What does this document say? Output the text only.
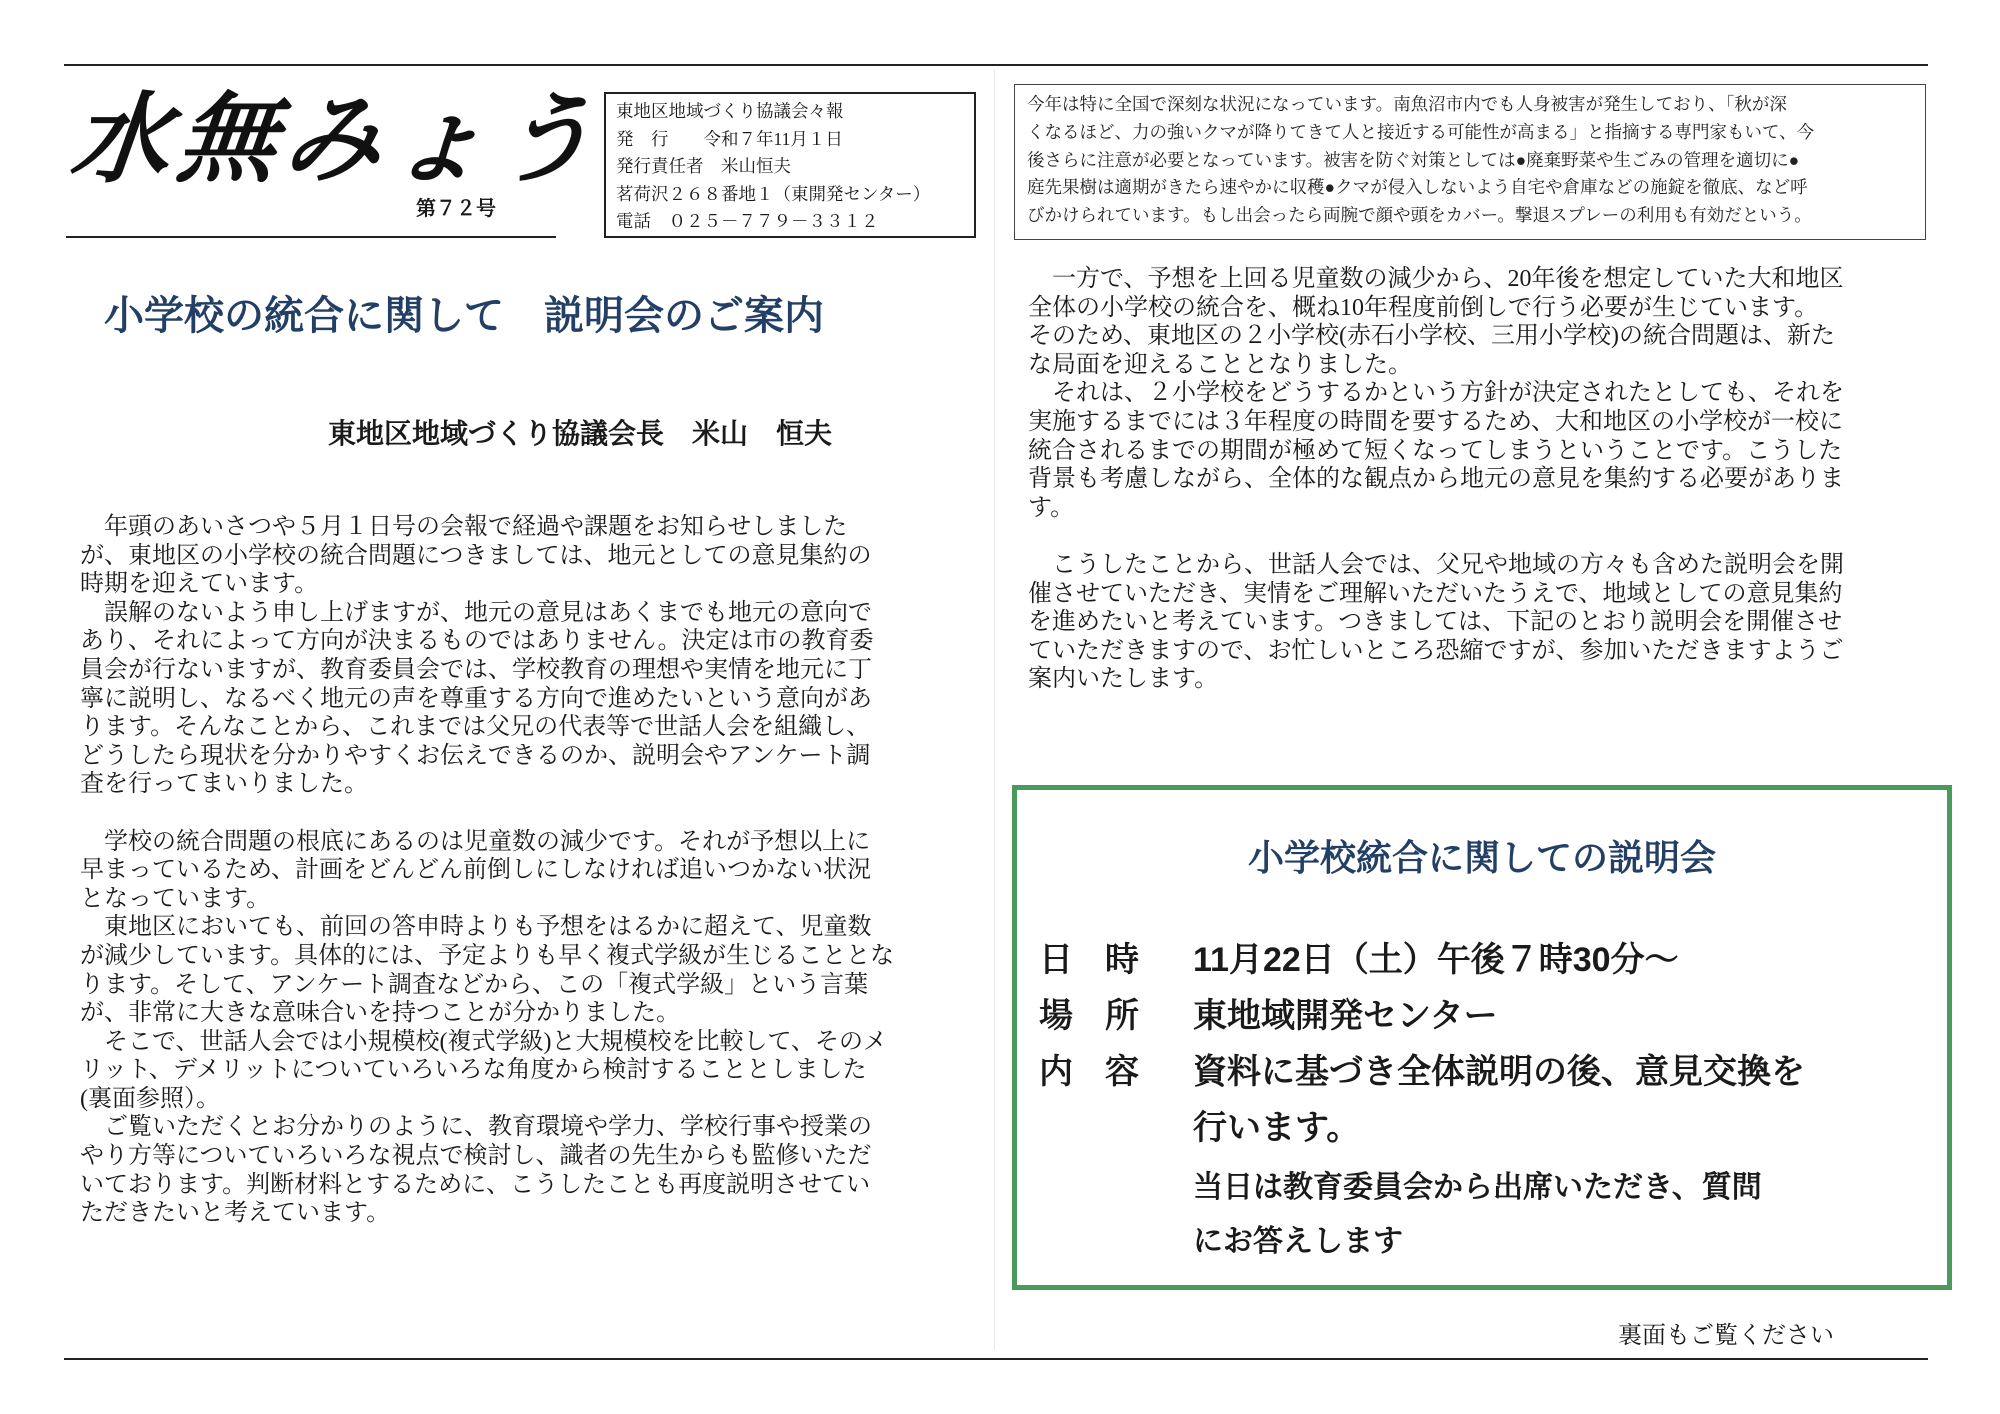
水無みょう
第７２号
東地区地域づくり協議会々報
発　行　　令和７年11月１日
発行責任者　米山恒夫
茗荷沢２６８番地１（東開発センター）
電話　０２５－７７９－３３１２
今年は特に全国で深刻な状況になっています。南魚沼市内でも人身被害が発生しており、「秋が深
くなるほど、力の強いクマが降りてきて人と接近する可能性が高まる」と指摘する専門家もいて、今
後さらに注意が必要となっています。被害を防ぐ対策としては●廃棄野菜や生ごみの管理を適切に●
庭先果樹は適期がきたら速やかに収穫●クマが侵入しないよう自宅や倉庫などの施錠を徹底、など呼
びかけられています。もし出会ったら両腕で顔や頭をカバー。撃退スプレーの利用も有効だという。
小学校の統合に関して　説明会のご案内
東地区地域づくり協議会長　米山　恒夫
　年頭のあいさつや５月１日号の会報で経過や課題をお知らせしました
が、東地区の小学校の統合問題につきましては、地元としての意見集約の
時期を迎えています。
　誤解のないよう申し上げますが、地元の意見はあくまでも地元の意向で
あり、それによって方向が決まるものではありません。決定は市の教育委
員会が行ないますが、教育委員会では、学校教育の理想や実情を地元に丁
寧に説明し、なるべく地元の声を尊重する方向で進めたいという意向があ
ります。そんなことから、これまでは父兄の代表等で世話人会を組織し、
どうしたら現状を分かりやすくお伝えできるのか、説明会やアンケート調
査を行ってまいりました。
　学校の統合問題の根底にあるのは児童数の減少です。それが予想以上に
早まっているため、計画をどんどん前倒しにしなければ追いつかない状況
となっています。
　東地区においても、前回の答申時よりも予想をはるかに超えて、児童数
が減少しています。具体的には、予定よりも早く複式学級が生じることとな
ります。そして、アンケート調査などから、この「複式学級」という言葉
が、非常に大きな意味合いを持つことが分かりました。
　そこで、世話人会では小規模校(複式学級)と大規模校を比較して、そのメ
リット、デメリットについていろいろな角度から検討することとしました
(裏面参照）。
　ご覧いただくとお分かりのように、教育環境や学力、学校行事や授業の
やり方等についていろいろな視点で検討し、識者の先生からも監修いただ
いております。判断材料とするために、こうしたことも再度説明させてい
ただきたいと考えています。
　一方で、予想を上回る児童数の減少から、20年後を想定していた大和地区
全体の小学校の統合を、概ね10年程度前倒しで行う必要が生じています。
そのため、東地区の２小学校(赤石小学校、三用小学校)の統合問題は、新た
な局面を迎えることとなりました。
　それは、２小学校をどうするかという方針が決定されたとしても、それを
実施するまでには３年程度の時間を要するため、大和地区の小学校が一校に
統合されるまでの期間が極めて短くなってしまうということです。こうした
背景も考慮しながら、全体的な観点から地元の意見を集約する必要がありま
す。
　こうしたことから、世話人会では、父兄や地域の方々も含めた説明会を開
催させていただき、実情をご理解いただいたうえで、地域としての意見集約
を進めたいと考えています。つきましては、下記のとおり説明会を開催させ
ていただきますので、お忙しいところ恐縮ですが、参加いただきますようご
案内いたします。
小学校統合に関しての説明会
日時 11月22日（土）午後７時30分～
場所 東地域開発センター
内容 資料に基づき全体説明の後、意見交換を
行います。
当日は教育委員会から出席いただき、質問
にお答えします
裏面もご覧ください
